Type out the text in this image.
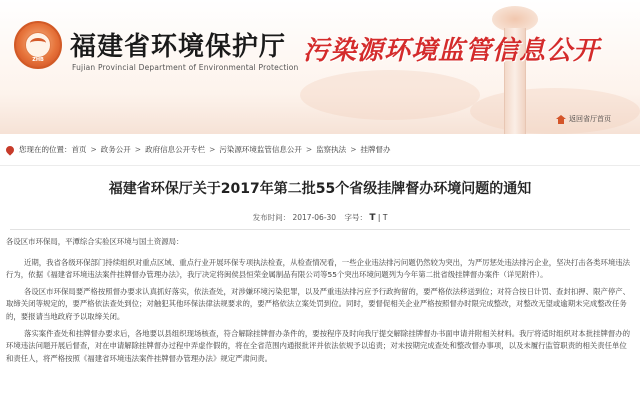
ZHB	福建省环境保护厅
Fujian Provincial Department of Environmental Protection
污染源环境监管信息公开
返回省厅首页
您现在的位置： 首页 > 政务公开 > 政府信息公开专栏 > 污染源环境监管信息公开 > 监察执法 > 挂牌督办
福建省环保厅关于2017年第二批55个省级挂牌督办环境问题的通知
发布时间： 2017-06-30 字号： T | T

各设区市环保局，平潭综合实验区环境与国土资源局：

近期，我省各级环保部门持续组织对重点区域、重点行业开展环保专项执法检查，从检查情况看，一些企业违法排污问题仍然较为突出，为严厉惩处违法排污企业，坚决打击各类环境违法行为，依据《福建省环境违法案件挂牌督办管理办法》，我厅决定将闽侯县恒荣金属制品有限公司等55个突出环境问题列为今年第二批省级挂牌督办案件（详见附件）。

各设区市环保局要严格按照督办要求认真抓好落实，依法查处，对涉嫌环境污染犯罪，以及严重违法排污应予行政拘留的，要严格依法移送到位；对符合按日计罚、查封扣押、限产停产、取缔关闭等规定的，要严格依法查处到位；对触犯其他环保法律法规要求的，要严格依法立案处罚到位。同时，要督促相关企业严格按照督办时限完成整改，对整改无望或逾期未完成整改任务的，要报请当地政府予以取缔关闭。

落实案件查处和挂牌督办要求后，各地要以县组织现场核查，符合解除挂牌督办条件的，要按程序及时向我厅提交解除挂牌督办书面申请并附相关材料。我厅将适时组织对本批挂牌督办的环境违法问题开展后督查，对在申请解除挂牌督办过程中弄虚作假的，将在全省范围内通报批评并依法依规予以追责；对未按期完成查处和整改督办事项，以及未履行监管职责的相关责任单位和责任人，将严格按照《福建省环境违法案件挂牌督办管理办法》规定严肃问责。
